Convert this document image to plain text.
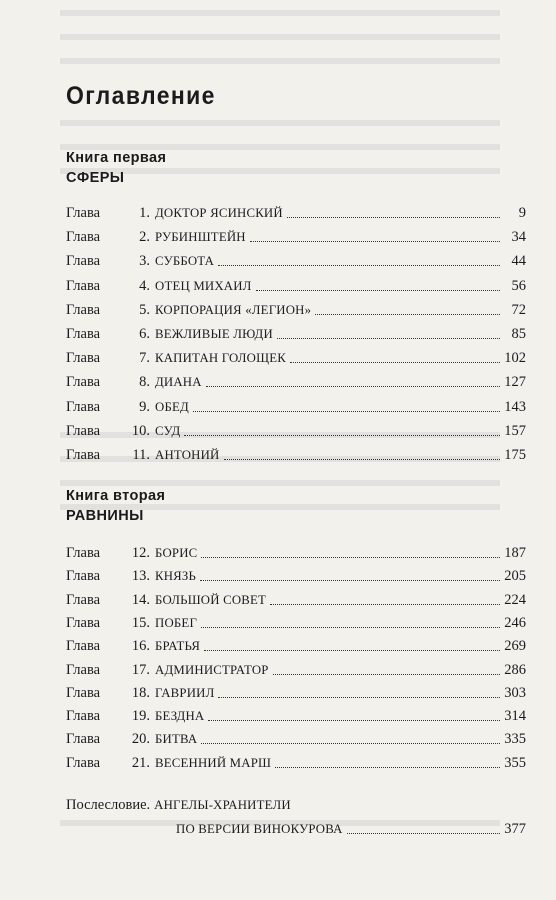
Оглавление
Книга первая
СФЕРЫ
Глава	1. ДОКТОР ЯСИНСКИЙ	9
Глава	2. РУБИНШТЕЙН	34
Глава	3. СУББОТА	44
Глава	4. ОТЕЦ МИХАИЛ	56
Глава	5. КОРПОРАЦИЯ «ЛЕГИОН»	72
Глава	6. ВЕЖЛИВЫЕ ЛЮДИ	85
Глава	7. КАПИТАН ГОЛОЩЕК	102
Глава	8. ДИАНА	127
Глава	9. ОБЕД	143
Глава	10. СУД	157
Глава	11. АНТОНИЙ	175
Книга вторая
РАВНИНЫ
Глава	12. БОРИС	187
Глава	13. КНЯЗЬ	205
Глава	14. БОЛЬШОЙ СОВЕТ	224
Глава	15. ПОБЕГ	246
Глава	16. БРАТЬЯ	269
Глава	17. АДМИНИСТРАТОР	286
Глава	18. ГАВРИИЛ	303
Глава	19. БЕЗДНА	314
Глава	20. БИТВА	335
Глава	21. ВЕСЕННИЙ МАРШ	355
Послесловие. АНГЕЛЫ-ХРАНИТЕЛИ
ПО ВЕРСИИ ВИНОКУРОВА	377
